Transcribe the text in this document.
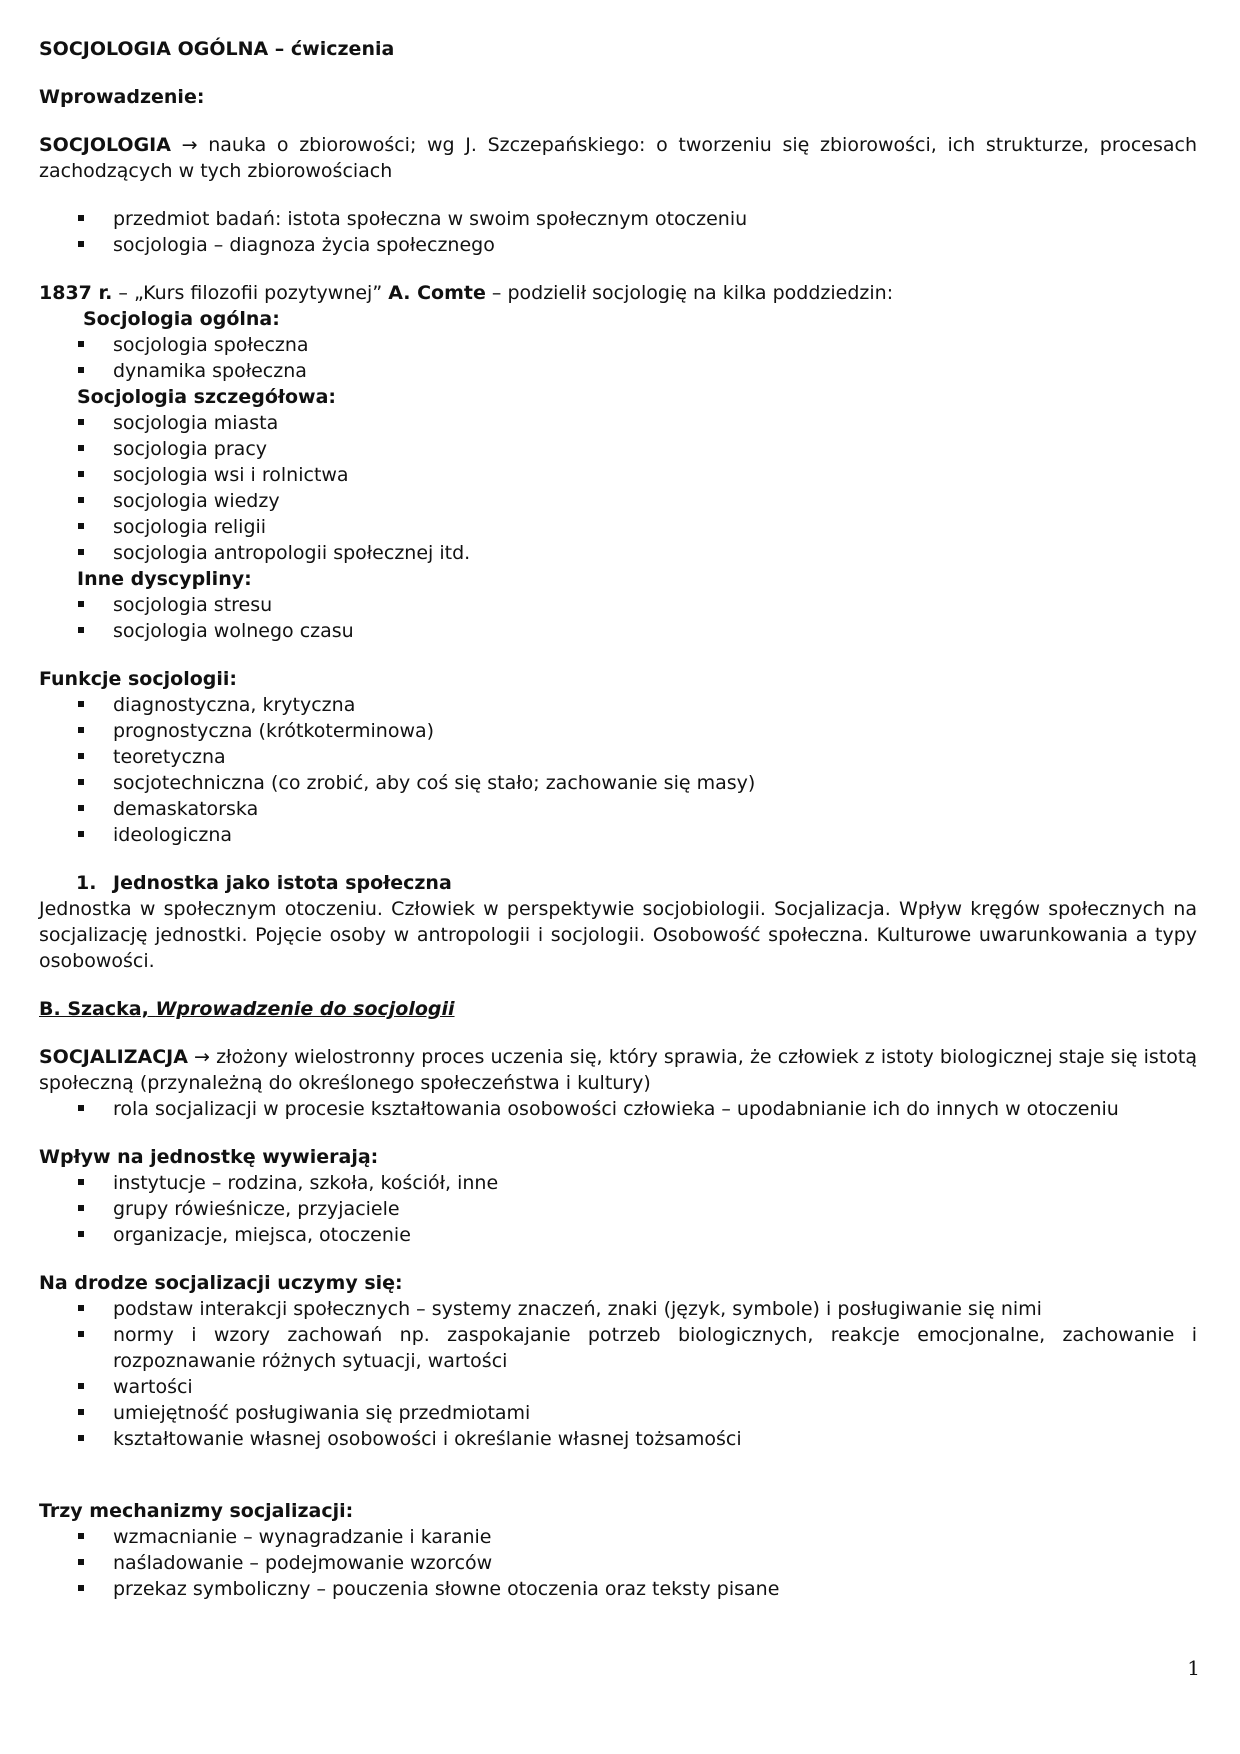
SOCJOLOGIA OGÓLNA – ćwiczenia

Wprowadzenie:

SOCJOLOGIA → nauka o zbiorowości; wg J. Szczepańskiego: o tworzeniu się zbiorowości, ich strukturze, procesach zachodzących w tych zbiorowościach

przedmiot badań: istota społeczna w swoim społecznym otoczeniu
socjologia – diagnoza życia społecznego

1837 r. – „Kurs filozofii pozytywnej” A. Comte – podzielił socjologię na kilka poddziedzin:

Socjologia ogólna:

socjologia społeczna
dynamika społeczna

Socjologia szczegółowa:

socjologia miasta
socjologia pracy
socjologia wsi i rolnictwa
socjologia wiedzy
socjologia religii
socjologia antropologii społecznej itd.

Inne dyscypliny:

socjologia stresu
socjologia wolnego czasu

Funkcje socjologii:

diagnostyczna, krytyczna
prognostyczna (krótkoterminowa)
teoretyczna
socjotechniczna (co zrobić, aby coś się stało; zachowanie się masy)
demaskatorska
ideologiczna

1. Jednostka jako istota społeczna

Jednostka w społecznym otoczeniu. Człowiek w perspektywie socjobiologii. Socjalizacja. Wpływ kręgów społecznych na socjalizację jednostki. Pojęcie osoby w antropologii i socjologii. Osobowość społeczna. Kulturowe uwarunkowania a typy osobowości.

B. Szacka, Wprowadzenie do socjologii

SOCJALIZACJA → złożony wielostronny proces uczenia się, który sprawia, że człowiek z istoty biologicznej staje się istotą społeczną (przynależną do określonego społeczeństwa i kultury)

rola socjalizacji w procesie kształtowania osobowości człowieka – upodabnianie ich do innych w otoczeniu

Wpływ na jednostkę wywierają:

instytucje – rodzina, szkoła, kościół, inne
grupy rówieśnicze, przyjaciele
organizacje, miejsca, otoczenie

Na drodze socjalizacji uczymy się:

podstaw interakcji społecznych – systemy znaczeń, znaki (język, symbole) i posługiwanie się nimi
normy i wzory zachowań np. zaspokajanie potrzeb biologicznych, reakcje emocjonalne, zachowanie i rozpoznawanie różnych sytuacji, wartości
wartości
umiejętność posługiwania się przedmiotami
kształtowanie własnej osobowości i określanie własnej tożsamości

Trzy mechanizmy socjalizacji:

wzmacnianie – wynagradzanie i karanie
naśladowanie – podejmowanie wzorców
przekaz symboliczny – pouczenia słowne otoczenia oraz teksty pisane
1
